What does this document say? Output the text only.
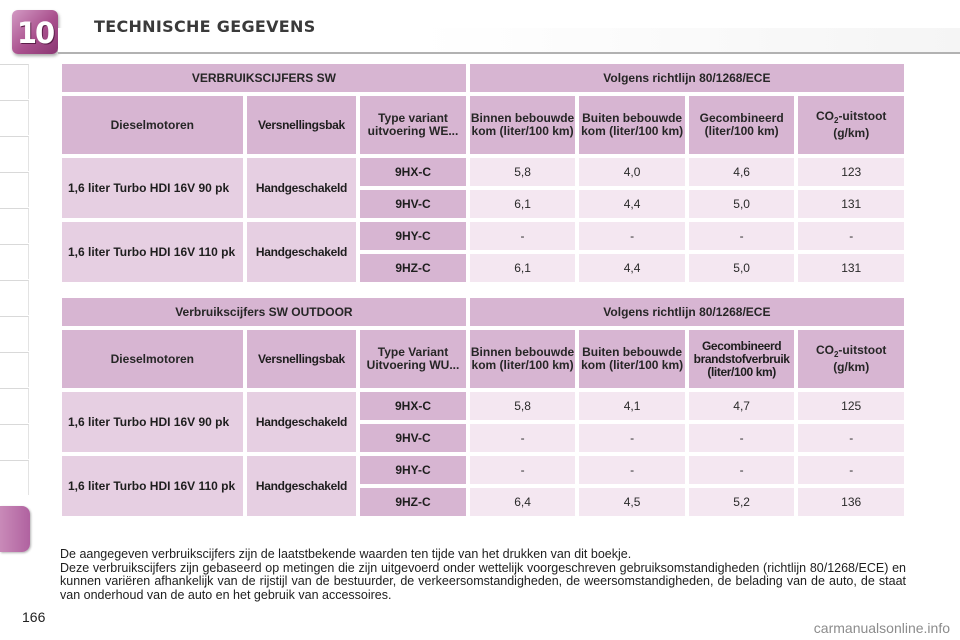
10	TECHNISCHE GEGEVENS
VERBRUIKSCIJFERS SW			Volgens richtlijn 80/1268/ECE			
Dieselmotoren	Versnellingsbak	Type variant uitvoering WE...	Binnen bebouwde kom (liter/100 km)	Buiten bebouwde kom (liter/100 km)	Gecombineerd (liter/100 km)	$CO_2$-uitstoot (g/km)
1,6 liter Turbo HDI 16V 90 pk	Handgeschakeld	9HX-C	5,8	4,0	4,6	123
		9HV-C	6,1	4,4	5,0	131
1,6 liter Turbo HDI 16V 110 pk	Handgeschakeld	9HY-C	-	-	-	-
		9HZ-C	6,1	4,4	5,0	131
Verbruikscijfers SW OUTDOOR			Volgens richtlijn 80/1268/ECE			
Dieselmotoren	Versnellingsbak	Type Variant Uitvoering WU...	Binnen bebouwde kom (liter/100 km)	Buiten bebouwde kom (liter/100 km)	Gecombineerd brandstofverbruik (liter/100 km)	$CO_2$-uitstoot (g/km)
1,6 liter Turbo HDI 16V 90 pk	Handgeschakeld	9HX-C	5,8	4,1	4,7	125
		9HV-C	-	-	-	-
1,6 liter Turbo HDI 16V 110 pk	Handgeschakeld	9HY-C	-	-	-	-
		9HZ-C	6,4	4,5	5,2	136
De aangegeven verbruikscijfers zijn de laatstbekende waarden ten tijde van het drukken van dit boekje.
Deze verbruikscijfers zijn gebaseerd op metingen die zijn uitgevoerd onder wettelijk voorgeschreven gebruiksomstandigheden (richtlijn 80/1268/ECE) en kunnen variëren afhankelijk van de rijstijl van de bestuurder, de verkeersomstandigheden, de weersomstandigheden, de belading van de auto, de staat van onderhoud van de auto en het gebruik van accessoires.
166
carmanualsonline.info
